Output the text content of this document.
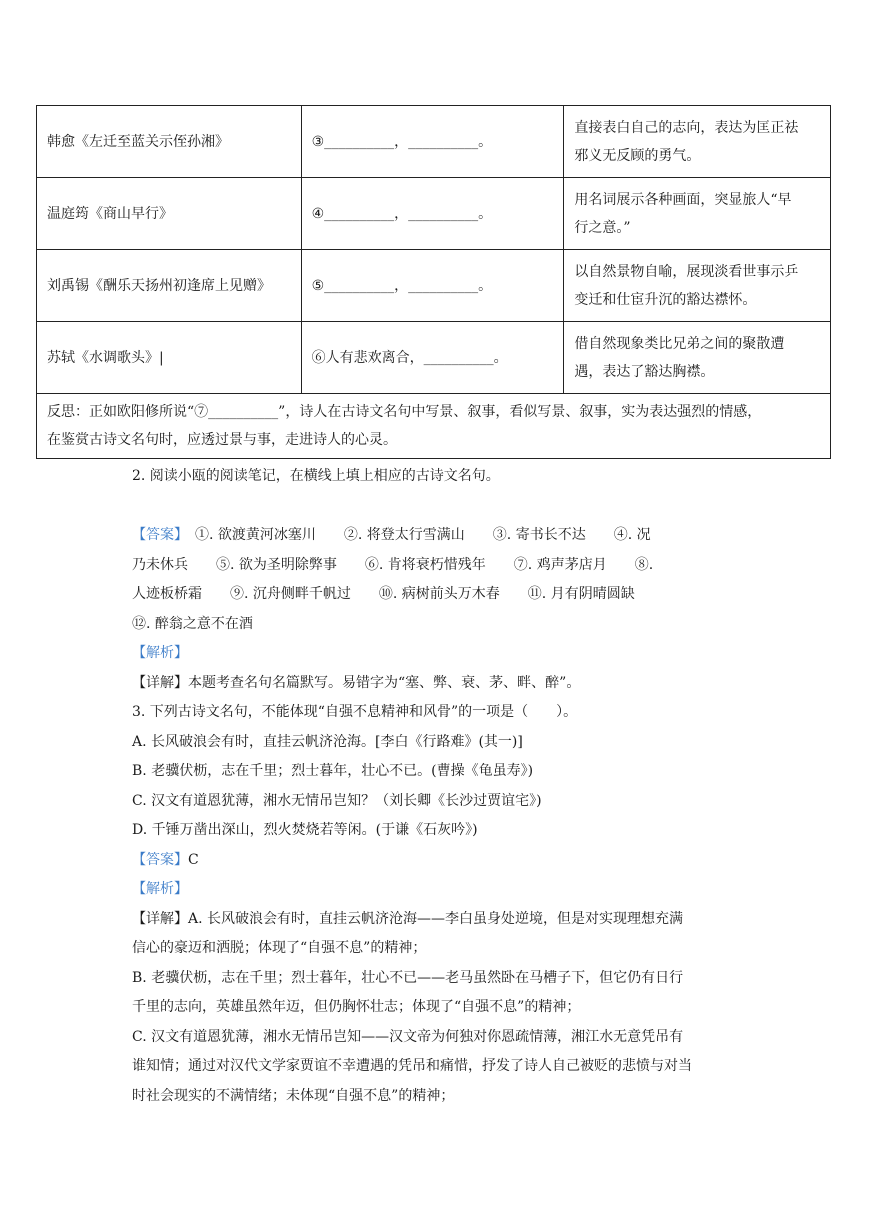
韩愈《左迁至蓝关示侄孙湘》	③__________，__________。	直接表白自己的志向，表达为匡正祛
邪义无反顾的勇气。

温庭筠《商山早行》	④__________，__________。	用名词展示各种画面，突显旅人“早
行之意。”

刘禹锡《酬乐天扬州初逢席上见赠》	⑤__________，__________。	以自然景物自喻，展现淡看世事示乒
变迁和仕宦升沉的豁达襟怀。

苏轼《水调歌头》|	⑥人有悲欢离合，__________。	借自然现象类比兄弟之间的聚散遭
遇，表达了豁达胸襟。

反思：正如欧阳修所说“⑦__________”，诗人在古诗文名句中写景、叙事，看似写景、叙事，实为表达强烈的情感，
在鉴赏古诗文名句时，应透过景与事，走进诗人的心灵。		
2. 阅读小瓯的阅读笔记，在横线上填上相应的古诗文名句。
【答案】　 ①. 欲渡黄河冰塞川　　②. 将登太行雪满山　　③. 寄书长不达　　④. 况
乃未休兵　　⑤. 欲为圣明除弊事　　⑥. 肯将衰朽惜残年　　⑦. 鸡声茅店月　　⑧.
人迹板桥霜　　⑨. 沉舟侧畔千帆过　　⑩. 病树前头万木春　　⑪. 月有阴晴圆缺
⑫. 醉翁之意不在酒
【解析】
【详解】本题考查名句名篇默写。易错字为“塞、弊、衰、茅、畔、醉”。
3. 下列古诗文名句，不能体现“自强不息精神和风骨”的一项是（　　）。
A. 长风破浪会有时，直挂云帆济沧海。[李白《行路难》(其一)]
B. 老骥伏枥，志在千里；烈士暮年，壮心不已。(曹操《龟虽寿》)
C. 汉文有道恩犹薄，湘水无情吊岂知？（刘长卿《长沙过贾谊宅》)
D. 千锤万凿出深山，烈火焚烧若等闲。(于谦《石灰吟》)
【答案】C
【解析】
【详解】A. 长风破浪会有时，直挂云帆济沧海——李白虽身处逆境，但是对实现理想充满
信心的豪迈和洒脱；体现了“自强不息”的精神；
B. 老骥伏枥，志在千里；烈士暮年，壮心不已——老马虽然卧在马槽子下，但它仍有日行
千里的志向，英雄虽然年迈，但仍胸怀壮志；体现了“自强不息”的精神；
C. 汉文有道恩犹薄，湘水无情吊岂知——汉文帝为何独对你恩疏情薄，湘江水无意凭吊有
谁知情；通过对汉代文学家贾谊不幸遭遇的凭吊和痛惜，抒发了诗人自己被贬的悲愤与对当
时社会现实的不满情绪；未体现“自强不息”的精神；
